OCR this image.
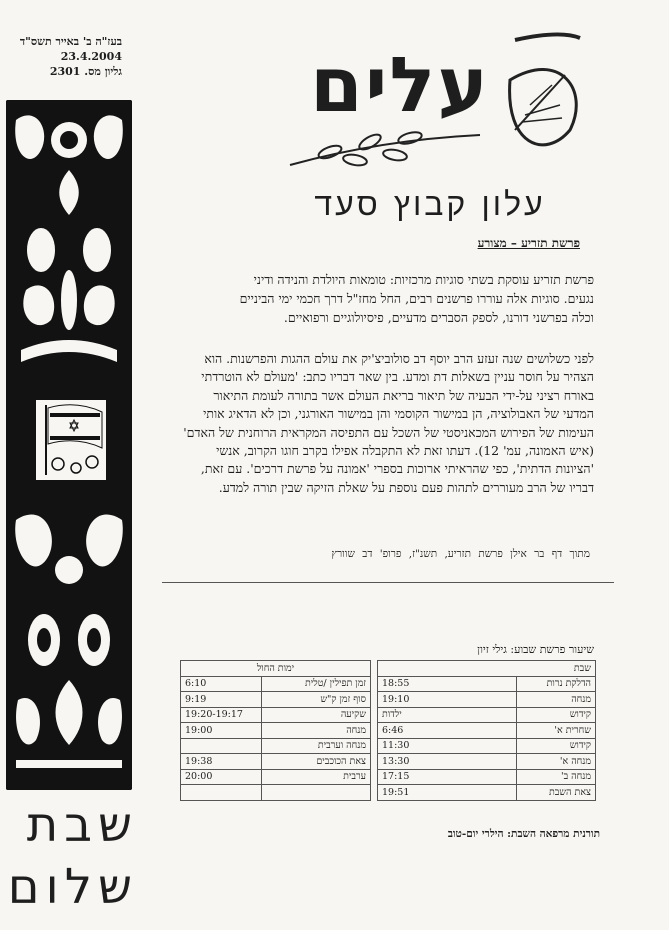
בעז"ה ב' באייר תשס"ד
23.4.2004
גליון מס. 2301
שבת
שלום
עלים
עלון קבוץ סעד
פרשת תזריע – מצורע
פרשת תזריע עוסקת בשתי סוגיות מרכזיות: טומאות היולדת והנידה ודיני נגעים. סוגיות אלה עוררו פרשנים רבים, החל מחז"ל דרך חכמי ימי הביניים וכלה בפרשני דורנו, לספק הסברים מדעיים, פיסיולוגיים ורפואיים.
לפני כשלושים שנה זעזע הרב יוסף דב סולוביצ'יק את עולם ההגות והפרשנות. הוא הצהיר על חוסר עניין בשאלות דת ומדע. בין שאר דבריו כתב: 'מעולם לא הוטרדתי באורח רציני על-ידי הבעיה של תיאור בריאת העולם אשר בתורה לעומת התיאור המדעי של האבולוציה, הן במישור הקוסמי והן במישור האורגני, וכן לא הדאיג אותי העימות של הפירוש המכאניסטי של השכל עם התפיסה המקראית הרוחנית של האדם' (איש האמונה, עמ' 12). דעתו זאת לא התקבלה אפילו בקרב חוגו הקרוב, אנשי 'הציונות הדתית', כפי שהראיתי ארוכות בספרי 'אמונה על פרשת דרכים'. עם זאת, דבריו של הרב מעוררים לתהות פעם נוספת על שאלת הזיקה שבין תורה למדע.
מתוך דף בר אילן פרשת תזריע, תשנ"ז, פרופ' דב שוורץ
שיעור פרשת שבוע: גילי זיון
שבת			ימות החול	
הדלקת נרות	18:55		זמן תפילין /טלית	6:10
מנחה	19:10		סוף זמן ק"ש	9:19
קידוש	ילדות		שקיעה	19:20-19:17
שחרית א'	6:46		מנחה	19:00
קידוש	11:30		מנחה וערבית	
מנחה א'	13:30		צאת הכוכבים	19:38
מנחה ב'	17:15		ערבית	20:00
צאת השבת	19:51			
תורנית מרפאה השבת: הילרי יום-טוב
